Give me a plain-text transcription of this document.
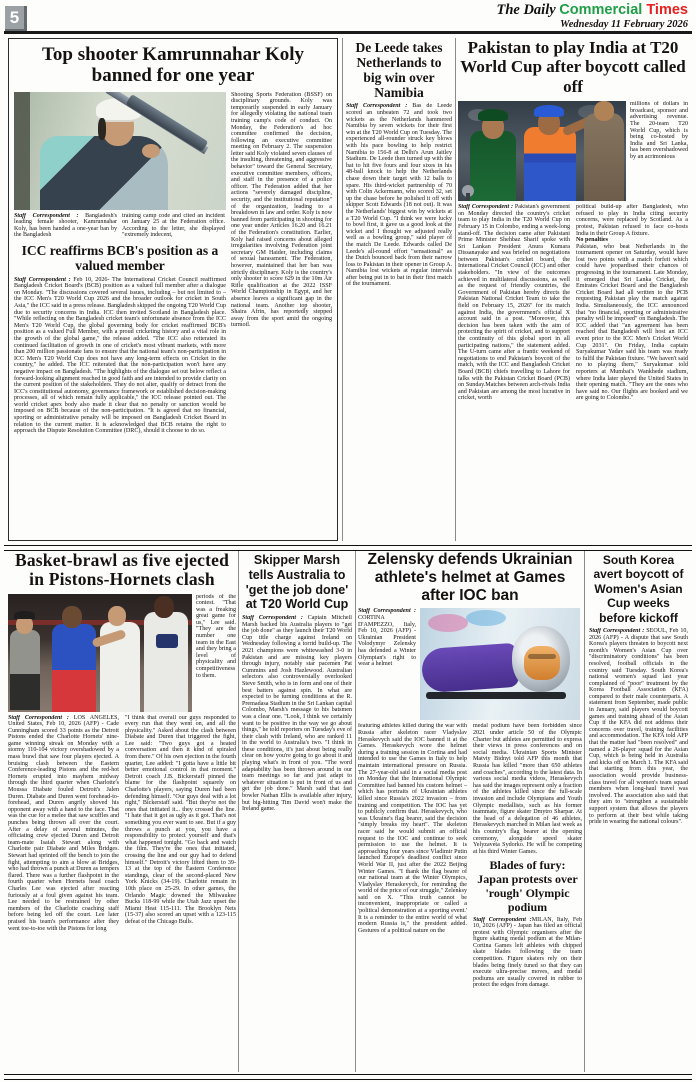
5	The Daily Commercial Times
Wednesday 11 February 2026
Top shooter Kamrunnahar Koly banned for one year
Staff Correspondent : Bangladesh's leading female shooter, Kamrunnahar Koly, has been handed a one-year ban by the Bangladesh
training camp code and cited an incident on January 25 at the Federation office. According to the letter, she displayed "extremely indecent,
ICC reaffirms BCB's position as a valued member
Staff Correspondent : Feb 10, 2026- The International Cricket Council reaffirmed Bangladesh Cricket Board's (BCB) position as a valued full member after a dialogue on Monday. "The discussions covered several issues, including – but not limited to – the ICC Men's T20 World Cup 2026 and the broader outlook for cricket in South Asia," the ICC said in a press release. Bangladesh skipped the ongoing T20 World Cup due to security concerns in India. ICC then invited Scotland in Bangladesh place. "While reflecting on the Bangladesh cricket team's unfortunate absence from the ICC Men's T20 World Cup, the global governing body for cricket reaffirmed BCB's position as a valued Full Member, with a proud cricketing history and a vital role in the growth of the global game," the release added. "The ICC also reiterated its continued facilitation of growth in one of cricket's most vibrant markets, with more than 200 million passionate fans to ensure that the national team's non-participation in ICC Men's T20 World Cup does not have any long-term effects on Cricket in the country," he added. The ICC reiterated that the non-participation won't have any negative impact on Bangladesh. "The highlights of the dialogue set out below reflect a forward-looking alignment reached in good faith and are intended to provide clarity on the current position of the stakeholders. They do not alter, qualify or detract from the ICC's constitutional autonomy, governance framework or established decision-making processes, all of which remain fully applicable," the ICC release pointed out. The world cricket apex body also made it clear that no penalty or sanction would be imposed on BCB because of the non-participation. "It is agreed that no financial, sporting or administrative penalty will be imposed on Bangladesh Cricket Board in relation to the current matter. It is acknowledged that BCB retains the right to approach the Dispute Resolution Committee (DRC), should it choose to do so.
Shooting Sports Federation (BSSF) on disciplinary grounds. Koly was temporarily suspended in early January for allegedly violating the national team training camp's code of conduct. On Monday, the Federation's ad hoc committee confirmed the decision, following an executive committee meeting on February 2. The suspension letter said Koly violated seven clauses of the insulting, threatening, and aggressive behavior" toward the General Secretary, executive committee members, officers, and staff in the presence of a police officer. The Federation added that her actions "severely damaged discipline, security, and the institutional reputation" of the organization, leading to a breakdown in law and order. Koly is now banned from participating in shooting for one year under Articles 16.20 and 16.21 of the Federation's constitution. Earlier, Koly had raised concerns about alleged irregularities involving Federation joint secretary GM Haider, including claims of sexual harassment. The Federation, however, maintained that her ban was strictly disciplinary. Koly is the country's only shooter to score 629 in the 10m Air Rifle qualification at the 2022 ISSF World Championship in Egypt, and her absence leaves a significant gap in the national team. Another top shooter, Shaira Afrin, has reportedly stepped away from the sport amid the ongoing turmoil.
De Leede takes Netherlands to big win over Namibia
Staff Correspondent : Bas de Leede scored an unbeaten 72 and took two wickets as the Netherlands hammered Namibia by seven wickets for their first win at the T20 World Cup on Tuesday. The experienced all-rounder struck key blows with his pace bowling to help restrict Namibia to 156-8 at Delhi's Arun Jaitley Stadium. De Leede then turned up with the bat to hit five fours and four sixes in his 48-ball knock to help the Netherlands chase down their target with 12 balls to spare. His third-wicket partnership of 70 with Colin Ackermann, who scored 32, set up the chase before he polished it off with skipper Scott Edwards (18 not out). It was the Netherlands' biggest win by wickets at a T20 World Cup. "I think we were lucky to bowl first, it gave us a good look at the wicket and I thought we adjusted really well as a bowling group," said player of the match De Leede. Edwards called De Leede's all-round effort "sensational" as the Dutch bounced back from their narrow loss to Pakistan in their opener in Group A. Namibia lost wickets at regular intervals after being put in to bat in their first match of the tournament.
Pakistan to play India at T20 World Cup after boycott called off
millions of dollars in broadcast, sponsor and advertising revenue. The 20-team T20 World Cup, which is being co-hosted by India and Sri Lanka, has been overshadowed by an acrimonious
Staff Correspondent : Pakistan's government on Monday directed the country's cricket team to play India in the T20 World Cup on February 15 in Colombo, ending a week-long stand-off. The decision came after Pakistani Prime Minister Shehbaz Sharif spoke with Sri Lankan President Anura Kumara Dissanayake and was briefed on negotiations between Pakistan's cricket board, the International Cricket Council (ICC) and other stakeholders. "In view of the outcomes achieved in multilateral discussions, as well as the request of friendly countries, the Government of Pakistan hereby directs the Pakistan National Cricket Team to take the field on February 15, 2026" for its match against India, the government's official X account said in a post. "Moreover, this decision has been taken with the aim of protecting the spirit of cricket, and to support the continuity of this global sport in all participating nations," the statement added. The U-turn came after a frantic weekend of negotiations to end Pakistan's boycott of the match, with the ICC and Bangladesh Cricket Board (BCB) chiefs travelling to Lahore for talks with the Pakistan Cricket Board (PCB) on Sunday.Matches between arch-rivals India and Pakistan are among the most lucrative in cricket, worth
political build-up after Bangladesh, who refused to play in India citing security concerns, were replaced by Scotland. As a protest, Pakistan refused to face co-hosts India in their Group A fixture.
No penalties
Pakistan, who beat Netherlands in the tournament opener on Saturday, would have lost two points with a match forfeit which could have jeopardised their chances of progressing in the tournament. Late Monday, it emerged that Sri Lanka Cricket, the Emirates Cricket Board and the Bangladesh Cricket Board had all written to the PCB requesting Pakistan play the match against India. Simultaneously, the ICC announced that "no financial, sporting or administrative penalty will be imposed" on Bangladesh. The ICC added that "an agreement has been reached that Bangladesh will host an ICC event prior to the ICC Men's Cricket World Cup 2031". On Friday, India captain Suryakumar Yadav said his team was ready to fulfil the Pakistan fixture. "We haven't said no to playing them," Suryakumar told reporters at Mumbai's Wankhede stadium, where India later played the United States in their opening match. "They are the ones who have said no. Our flights are booked and we are going to Colombo."
Basket-brawl as five ejected in Pistons-Hornets clash
periods of the contest. "That was a freaking great game for us," Lee said. "They are the number one team in the East and they bring a level of physicality and competitiveness to them.
Staff Correspondent : LOS ANGELES, United States, Feb 10, 2026 (AFP) - Cade Cunningham scored 33 points as the Detroit Pistons ended the Charlotte Hornets' nine-game winning streak on Monday with a stormy 110-104 victory overshadowed by a mass brawl that saw four players ejected. A bruising clash between the Eastern Conference-leading Pistons and the red-hot Hornets erupted into mayhem midway through the third quarter when Charlotte's Moussa Diabate fouled Detroit's Jalen Duren. Diabate and Duren went forehead-to-forehead, and Duren angrily shoved his opponent away with a hand to the face. That was the cue for a melee that saw scuffles and punches being thrown all over the court. After a delay of several minutes, the officiating crew ejected Duren and Detroit team-mate Isaiah Stewart along with Charlotte pair Diabate and Miles Bridges. Stewart had sprinted off the bench to join the fight, attempting to aim a blow at Bridges, who had thrown a punch at Duren as tempers flared. There was a further flashpoint in the fourth quarter when Hornets head coach Charles Lee was ejected after reacting furiously at a foul given against his team. Lee needed to be restrained by other members of the Charlotte coaching staff before being led off the court. Lee later praised his team's performance after they went toe-to-toe with the Pistons for long
"I think that overall our guys responded to every run that they went on, and all the physicality." Asked about the clash between Diabate and Duren that triggered the fight, Lee said: "Two guys got a heated conversation and then it kind of spiraled from there." Of his own ejection in the fourth quarter, Lee added: "I gotta have a little bit better emotional control in that moment." Detroit coach J.B. Bickerstaff pinned the blame for the flashpoint squarely on Charlotte's players, saying Duren had been defending himself. "Our guys deal with a lot right," Bickerstaff said. "But they're not the ones that initiated it... they crossed the line. "I hate that it got as ugly as it got. That's not something you ever want to see. But if a guy throws a punch at you, you have a responsibility to protect yourself and that's what happened tonight. "Go back and watch the film. They're the ones that initiated, crossing the line and our guy had to defend himself." Detroit's victory lifted them to 39-13 at the top of the Eastern Conference standings, clear of the second-placed New York Knicks (34-19). Charlotte remain in 10th place on 25-29. In other games, the Orlando Magic downed the Milwaukee Bucks 118-99 while the Utah Jazz upset the Miami Heat 115-111. The Brooklyn Nets (15-37) also scored an upset with a 123-115 defeat of the Chicago Bulls.
Skipper Marsh tells Australia to 'get the job done' at T20 World Cup
Staff Correspondent : Captain Mitchell Marsh backed his Australia players to "get the job done" as they launch their T20 World Cup title charge against Ireland on Wednesday following a torrid build-up. The 2021 champions were whitewashed 3-0 in Pakistan and are missing key players through injury, notably star pacemen Pat Cummins and Josh Hazlewood. Australian selectors also controversially overlooked Steve Smith, who is in form and one of their best batters against spin. In what are expected to be turning conditions at the R. Premadasa Stadium in the Sri Lankan capital Colombo, Marsh's message to his batsmen was a clear one. "Look, I think we certainly want to be positive in the way we go about things," he told reporters on Tuesday's eve of their clash with Ireland, who are ranked 11 in the world to Australia's two. "I think in these conditions, it's just about being really clear on how you're going to go about it and playing what's in front of you. "The word adaptability has been thrown around in our team meetings so far and just adapt to whatever situation is put in front of us and get the job done." Marsh said that fast bowler Nathan Ellis is available after injury, but big-hitting Tim David won't make the Ireland game.
Zelensky defends Ukrainian athlete's helmet at Games after IOC ban
Staff Correspondent : CORTINA D'AMPEZZO, Italy, Feb 10, 2026 (AFP) - Ukrainian President Volodymyr Zelensky has defended a Winter Olympian's right to wear a helmet
featuring athletes killed during the war with Russia after skeleton racer Vladyslav Heraskevych said the IOC banned it at the Games. Heraskevych wore the helmet during a training session in Cortina and had intended to use the Games in Italy to help maintain international pressure on Russia. The 27-year-old said in a social media post on Monday that the International Olympic Committee had banned his custom helmet – which has portraits of Ukrainian athletes killed since Russia's 2022 invasion – from training and competition. The IOC has yet to publicly confirm that. Heraskevych, who was Ukraine's flag bearer, said the decision "simply breaks my heart". The skeleton racer said he would submit an official request to the IOC and continue to seek permission to use the helmet. It is approaching four years since Vladimir Putin launched Europe's deadliest conflict since World War II, just after the 2022 Beijing Winter Games. "I thank the flag bearer of our national team at the Winter Olympics, Vladyslav Heraskevych, for reminding the world of the price of our struggle," Zelenksy said on X. "This truth cannot be inconvenient, inappropriate or called a 'political demonstration at a sporting event.' It is a reminder to the entire world of what modern Russia is," the president added. Gestures of a political nature on the
medal podium have been forbidden since 2021 under article 50 of the Olympic Charter but athletes are permitted to express their views in press conferences and on social media. Ukrainian Sports Minister Matviy Bidnyi told AFP this month that Russia has killed "more than 650 athletes and coaches", according to the latest data. In various social media videos, Heraskevych has said the images represent only a fraction of the athletes killed since the full-scale invasion and include Olympians and Youth Olympic medallists, such as his former teammate, figure skater Dmytro Sharpar. At the head of a delegation of 46 athletes, Heraskevych marched in Milan last week as his country's flag bearer at the opening ceremony, alongside speed skater Yelyzaveta Sydorko. He will be competing at his third Winter Games.
Blades of fury: Japan protests over 'rough' Olympic podium
Staff Correspondent :MILAN, Italy, Feb 10, 2026 (AFP) - Japan has filed an official protest with Olympic organisers after the figure skating medal podium at the Milan-Cortina Games left athletes with chipped skate blades following the team competition. Figure skaters rely on their blades being finely tuned so that they can execute ultra-precise moves, and medal podiums are usually covered in rubber to protect the edges from damage.
South Korea avert boycott of Women's Asian Cup weeks before kickoff
Staff Correspondent : SEOUL, Feb 10, 2026 (AFP) - A dispute that saw South Korea's players threaten to boycott next month's Women's Asian Cup over "discriminatory conditions" has been resolved, football officials in the country said Tuesday. South Korea's national women's squad last year complained of "poor" treatment by the Korea Football Association (KFA) compared to their male counterparts. A statement from September, made public in January, said players would boycott games and training ahead of the Asian Cup if the KFA did not address their concerns over travel, training facilities and accommodation. The KFA told AFP that the matter had "been resolved" and named a 26-player squad for the Asian Cup, which is being held in Australia and kicks off on March 1. The KFA said that starting from this year, the association would provide business-class travel for all women's team squad members when long-haul travel was involved. The association also said that they aim to "strengthen a sustainable support system that allows the players to perform at their best while taking pride in wearing the national colours".
